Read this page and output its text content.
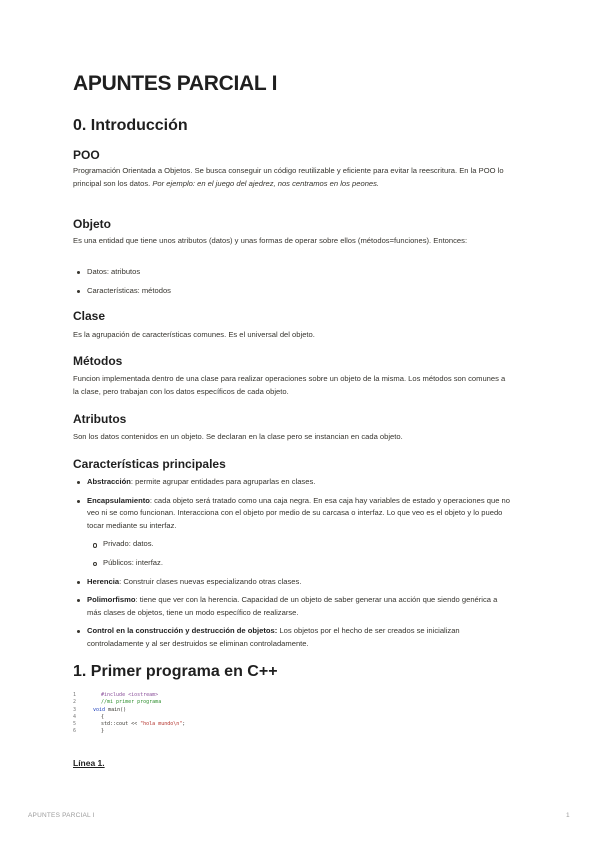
APUNTES PARCIAL I
0. Introducción
POO
Programación Orientada a Objetos. Se busca conseguir un código reutilizable y eficiente para evitar la reescritura. En la POO lo principal son los datos. Por ejemplo: en el juego del ajedrez, nos centramos en los peones.
Objeto
Es una entidad que tiene unos atributos (datos) y unas formas de operar sobre ellos (métodos=funciones). Entonces:
Datos: atributos
Características: métodos
Clase
Es la agrupación de características comunes. Es el universal del objeto.
Métodos
Funcion implementada dentro de una clase para realizar operaciones sobre un objeto de la misma. Los métodos son comunes a la clase, pero trabajan con los datos específicos de cada objeto.
Atributos
Son los datos contenidos en un objeto. Se declaran en la clase pero se instancian en cada objeto.
Características principales
Abstracción: permite agrupar entidades para agruparlas en clases.
Encapsulamiento: cada objeto será tratado como una caja negra. En esa caja hay variables de estado y operaciones que no veo ni se como funcionan. Interacciona con el objeto por medio de su carcasa o interfaz. Lo que veo es el objeto y lo puedo tocar mediante su interfaz.
Privado: datos.
Públicos: interfaz.
Herencia: Construir clases nuevas especializando otras clases.
Polimorfismo: tiene que ver con la herencia. Capacidad de un objeto de saber generar una acción que siendo genérica a más clases de objetos, tiene un modo específico de realizarse.
Control en la construcción y destrucción de objetos: Los objetos por el hecho de ser creados se inicializan controladamente y al ser destruidos se eliminan controladamente.
1. Primer programa en C++
1	#include <iostream>
2	//mi primer programa
3	void main()
4	{
5	std::cout << "hola mundo\n";
6	}
Línea 1.
APUNTES PARCIAL I	1
